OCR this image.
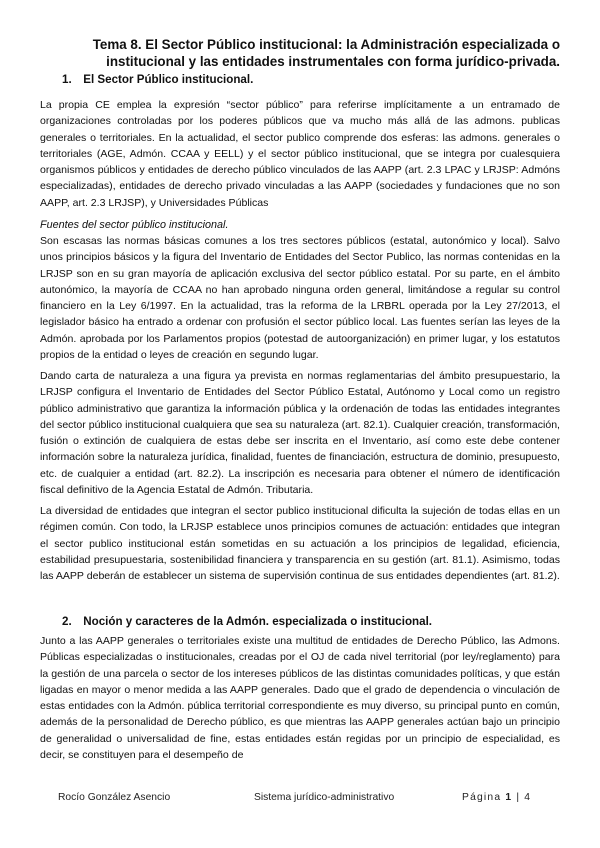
Tema 8. El Sector Público institucional: la Administración especializada o institucional y las entidades instrumentales con forma jurídico-privada.
1. El Sector Público institucional.

La propia CE emplea la expresión “sector público” para referirse implícitamente a un entramado de organizaciones controladas por los poderes públicos que va mucho más allá de las admons. publicas generales o territoriales. En la actualidad, el sector publico comprende dos esferas: las admons. generales o territoriales (AGE, Admón. CCAA y EELL) y el sector público institucional, que se integra por cualesquiera organismos públicos y entidades de derecho público vinculados de las AAPP (art. 2.3 LPAC y LRJSP: Admóns especializadas), entidades de derecho privado vinculadas a las AAPP (sociedades y fundaciones que no son AAPP, art. 2.3 LRJSP), y Universidades Públicas

Fuentes del sector público institucional.

Son escasas las normas básicas comunes a los tres sectores públicos (estatal, autonómico y local). Salvo unos principios básicos y la figura del Inventario de Entidades del Sector Publico, las normas contenidas en la LRJSP son en su gran mayoría de aplicación exclusiva del sector público estatal. Por su parte, en el ámbito autonómico, la mayoría de CCAA no han aprobado ninguna orden general, limitándose a regular su control financiero en la Ley 6/1997. En la actualidad, tras la reforma de la LRBRL operada por la Ley 27/2013, el legislador básico ha entrado a ordenar con profusión el sector público local. Las fuentes serían las leyes de la Admón. aprobada por los Parlamentos propios (potestad de autoorganización) en primer lugar, y los estatutos propios de la entidad o leyes de creación en segundo lugar.

Dando carta de naturaleza a una figura ya prevista en normas reglamentarias del ámbito presupuestario, la LRJSP configura el Inventario de Entidades del Sector Público Estatal, Autónomo y Local como un registro público administrativo que garantiza la información pública y la ordenación de todas las entidades integrantes del sector público institucional cualquiera que sea su naturaleza (art. 82.1). Cualquier creación, transformación, fusión o extinción de cualquiera de estas debe ser inscrita en el Inventario, así como este debe contener información sobre la naturaleza jurídica, finalidad, fuentes de financiación, estructura de dominio, presupuesto, etc. de cualquier a entidad (art. 82.2). La inscripción es necesaria para obtener el número de identificación fiscal definitivo de la Agencia Estatal de Admón. Tributaria.

La diversidad de entidades que integran el sector publico institucional dificulta la sujeción de todas ellas en un régimen común. Con todo, la LRJSP establece unos principios comunes de actuación: entidades que integran el sector publico institucional están sometidas en su actuación a los principios de legalidad, eficiencia, estabilidad presupuestaria, sostenibilidad financiera y transparencia en su gestión (art. 81.1). Asimismo, todas las AAPP deberán de establecer un sistema de supervisión continua de sus entidades dependientes (art. 81.2).

2. Noción y caracteres de la Admón. especializada o institucional.

Junto a las AAPP generales o territoriales existe una multitud de entidades de Derecho Público, las Admons. Públicas especializadas o institucionales, creadas por el OJ de cada nivel territorial (por ley/reglamento) para la gestión de una parcela o sector de los intereses públicos de las distintas comunidades políticas, y que están ligadas en mayor o menor medida a las AAPP generales. Dado que el grado de dependencia o vinculación de estas entidades con la Admón. pública territorial correspondiente es muy diverso, su principal punto en común, además de la personalidad de Derecho público, es que mientras las AAPP generales actúan bajo un principio de generalidad o universalidad de fine, estas entidades están regidas por un principio de especialidad, es decir, se constituyen para el desempeño de

Rocío González Asencio	Sistema jurídico-administrativo	Página 1 | 4
